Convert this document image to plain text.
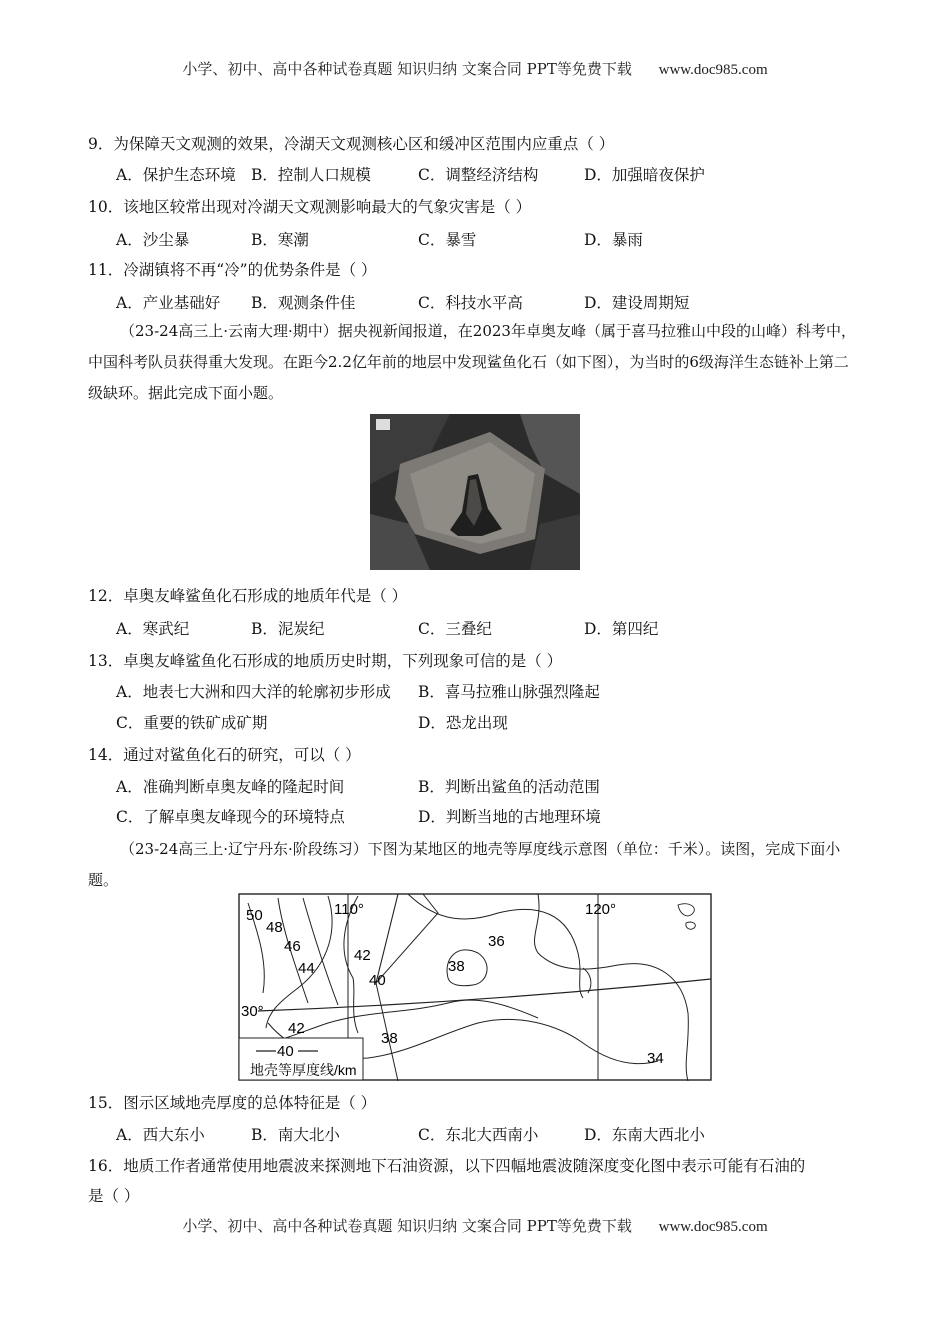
小学、初中、高中各种试卷真题 知识归纳 文案合同 PPT等免费下载 www.doc985.com
9．为保障天文观测的效果，冷湖天文观测核心区和缓冲区范围内应重点（ ）
A．保护生态环境 B．控制人口规模	C．调整经济结构	D．加强暗夜保护
10．该地区较常出现对冷湖天文观测影响最大的气象灾害是（ ）
A．沙尘暴	B．寒潮	C．暴雪	D．暴雨
11．冷湖镇将不再“冷”的优势条件是（ ）
A．产业基础好 B．观测条件佳	C．科技水平高	D．建设周期短
（23-24高三上·云南大理·期中）据央视新闻报道，在2023年卓奥友峰（属于喜马拉雅山中段的山峰）科考中，中国科考队员获得重大发现。在距今2.2亿年前的地层中发现鲨鱼化石（如下图），为当时的6级海洋生态链补上第二级缺环。据此完成下面小题。
12．卓奥友峰鲨鱼化石形成的地质年代是（ ）
A．寒武纪	B．泥炭纪	C．三叠纪	D．第四纪
13．卓奥友峰鲨鱼化石形成的地质历史时期，下列现象可信的是（ ）
A．地表七大洲和四大洋的轮廓初步形成 B．喜马拉雅山脉强烈隆起
C．重要的铁矿成矿期	D．恐龙出现
14．通过对鲨鱼化石的研究，可以（ ）
A．准确判断卓奥友峰的隆起时间	B．判断出鲨鱼的活动范围
C．了解卓奥友峰现今的环境特点	D．判断当地的古地理环境
（23-24高三上·辽宁丹东·阶段练习）下图为某地区的地壳等厚度线示意图（单位：千米）。读图，完成下面小题。
50
48
46
44
42
40
38
36
42
38
34
110°	120°
30°
40
地壳等厚度线/km
15．图示区域地壳厚度的总体特征是（ ）
A．西大东小	B．南大北小	C．东北大西南小	D．东南大西北小
16．地质工作者通常使用地震波来探测地下石油资源，以下四幅地震波随深度变化图中表示可能有石油的
是（ ）
小学、初中、高中各种试卷真题 知识归纳 文案合同 PPT等免费下载 www.doc985.com
